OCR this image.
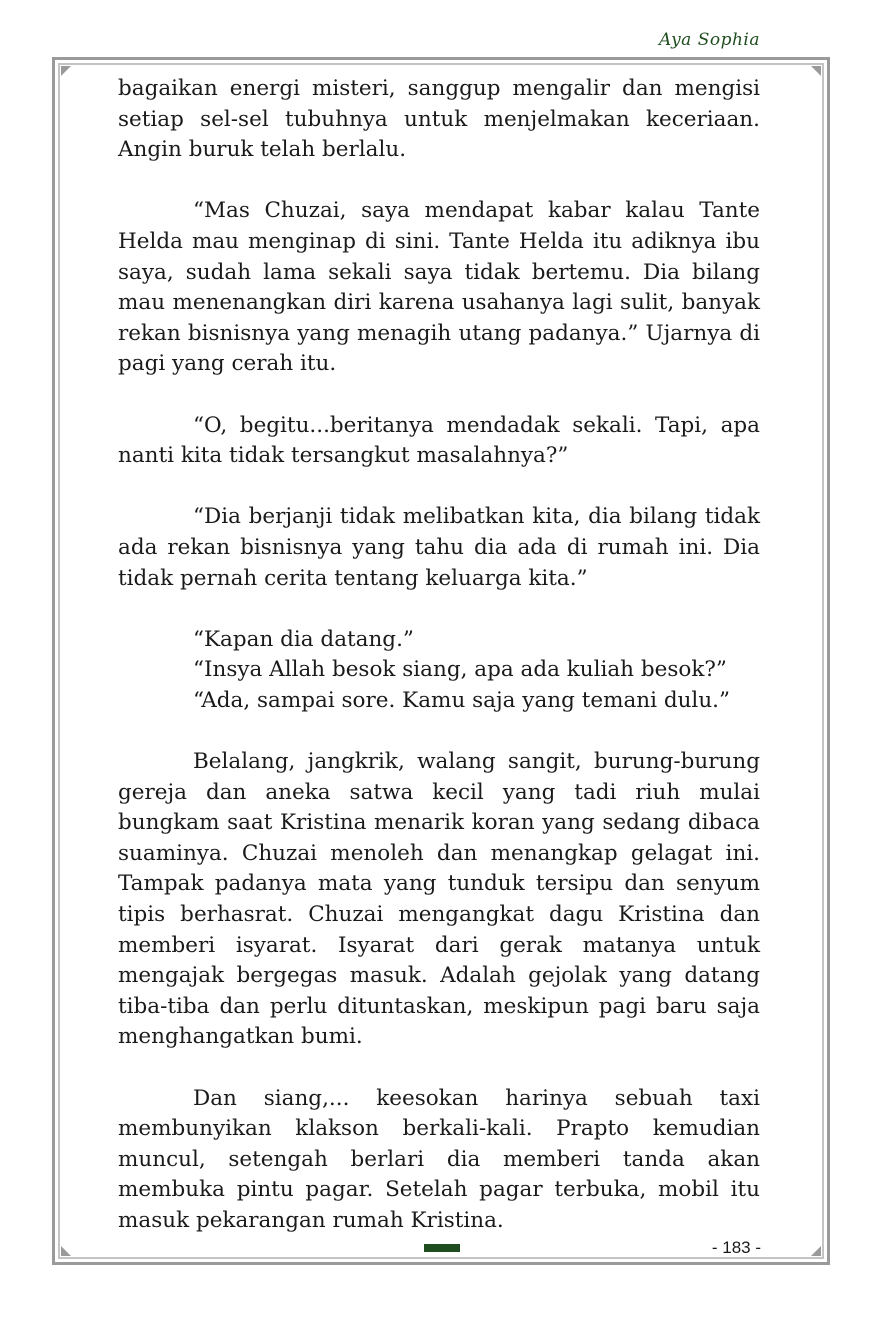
Aya Sophia

bagaikan energi misteri, sanggup mengalir dan mengisi setiap sel-sel tubuhnya untuk menjelmakan keceriaan. Angin buruk telah berlalu.

“Mas Chuzai, saya mendapat kabar kalau Tante Helda mau menginap di sini. Tante Helda itu adiknya ibu saya, sudah lama sekali saya tidak bertemu. Dia bilang mau menenangkan diri karena usahanya lagi sulit, banyak rekan bisnisnya yang menagih utang padanya.” Ujarnya di pagi yang cerah itu.

“O, begitu...beritanya mendadak sekali. Tapi, apa nanti kita tidak tersangkut masalahnya?”

“Dia berjanji tidak melibatkan kita, dia bilang tidak ada rekan bisnisnya yang tahu dia ada di rumah ini. Dia tidak pernah cerita tentang keluarga kita.”

“Kapan dia datang.”

“Insya Allah besok siang, apa ada kuliah besok?”

“Ada, sampai sore. Kamu saja yang temani dulu.”

Belalang, jangkrik, walang sangit, burung-burung gereja dan aneka satwa kecil yang tadi riuh mulai bungkam saat Kristina menarik koran yang sedang dibaca suaminya. Chuzai menoleh dan menangkap gelagat ini. Tampak padanya mata yang tunduk tersipu dan senyum tipis berhasrat. Chuzai mengangkat dagu Kristina dan memberi isyarat. Isyarat dari gerak matanya untuk mengajak bergegas masuk. Adalah gejolak yang datang tiba-tiba dan perlu dituntaskan, meskipun pagi baru saja menghangatkan bumi.

Dan siang,... keesokan harinya sebuah taxi membunyikan klakson berkali-kali. Prapto kemudian muncul, setengah berlari dia memberi tanda akan membuka pintu pagar. Setelah pagar terbuka, mobil itu masuk pekarangan rumah Kristina.

- 183 -
